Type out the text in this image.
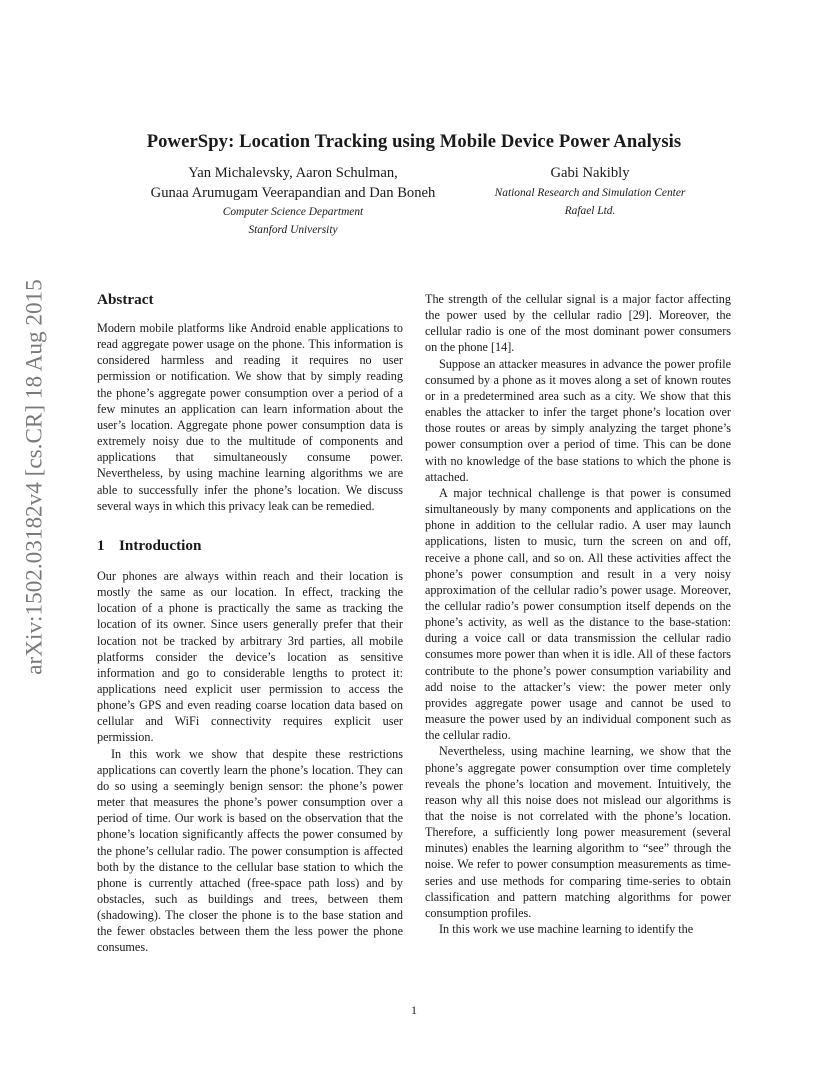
PowerSpy: Location Tracking using Mobile Device Power Analysis
Yan Michalevsky, Aaron Schulman,
Gunaa Arumugam Veerapandian and Dan Boneh
Computer Science Department
Stanford University
Gabi Nakibly
National Research and Simulation Center
Rafael Ltd.
arXiv:1502.03182v4 [cs.CR] 18 Aug 2015	Abstract

Modern mobile platforms like Android enable applications to read aggregate power usage on the phone. This information is considered harmless and reading it requires no user permission or notification. We show that by simply reading the phone’s aggregate power consumption over a period of a few minutes an application can learn information about the user’s location. Aggregate phone power consumption data is extremely noisy due to the multitude of components and applications that simultaneously consume power. Nevertheless, by using machine learning algorithms we are able to successfully infer the phone’s location. We discuss several ways in which this privacy leak can be remedied.

1 Introduction

Our phones are always within reach and their location is mostly the same as our location. In effect, tracking the location of a phone is practically the same as tracking the location of its owner. Since users generally prefer that their location not be tracked by arbitrary 3rd parties, all mobile platforms consider the device’s location as sensitive information and go to considerable lengths to protect it: applications need explicit user permission to access the phone’s GPS and even reading coarse location data based on cellular and WiFi connectivity requires explicit user permission.

In this work we show that despite these restrictions applications can covertly learn the phone’s location. They can do so using a seemingly benign sensor: the phone’s power meter that measures the phone’s power consumption over a period of time. Our work is based on the observation that the phone’s location significantly affects the power consumed by the phone’s cellular radio. The power consumption is affected both by the distance to the cellular base station to which the phone is currently attached (free-space path loss) and by obstacles, such as buildings and trees, between them (shadowing). The closer the phone is to the base station and the fewer obstacles between them the less power the phone consumes.

The strength of the cellular signal is a major factor affecting the power used by the cellular radio [29]. Moreover, the cellular radio is one of the most dominant power consumers on the phone [14].

Suppose an attacker measures in advance the power profile consumed by a phone as it moves along a set of known routes or in a predetermined area such as a city. We show that this enables the attacker to infer the target phone’s location over those routes or areas by simply analyzing the target phone’s power consumption over a period of time. This can be done with no knowledge of the base stations to which the phone is attached.

A major technical challenge is that power is consumed simultaneously by many components and applications on the phone in addition to the cellular radio. A user may launch applications, listen to music, turn the screen on and off, receive a phone call, and so on. All these activities affect the phone’s power consumption and result in a very noisy approximation of the cellular radio’s power usage. Moreover, the cellular radio’s power consumption itself depends on the phone’s activity, as well as the distance to the base-station: during a voice call or data transmission the cellular radio consumes more power than when it is idle. All of these factors contribute to the phone’s power consumption variability and add noise to the attacker’s view: the power meter only provides aggregate power usage and cannot be used to measure the power used by an individual component such as the cellular radio.

Nevertheless, using machine learning, we show that the phone’s aggregate power consumption over time completely reveals the phone’s location and movement. Intuitively, the reason why all this noise does not mislead our algorithms is that the noise is not correlated with the phone’s location. Therefore, a sufficiently long power measurement (several minutes) enables the learning algorithm to “see” through the noise. We refer to power consumption measurements as time-series and use methods for comparing time-series to obtain classification and pattern matching algorithms for power consumption profiles.

In this work we use machine learning to identify the

1
